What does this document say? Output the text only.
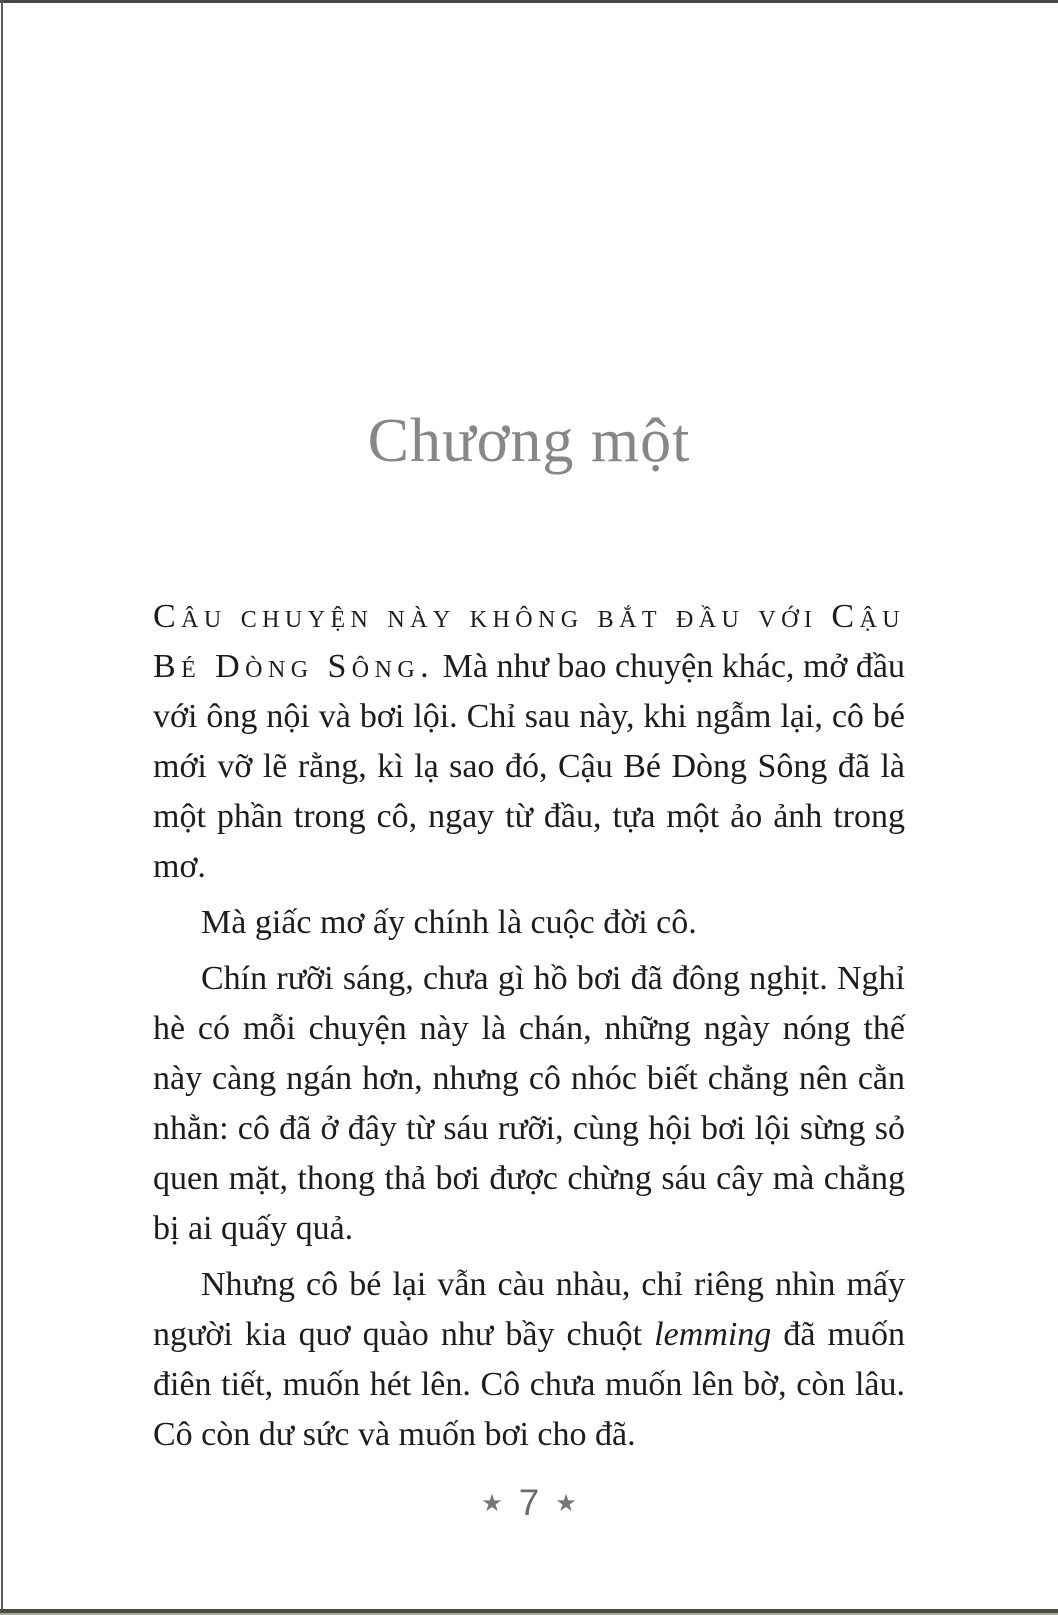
Chương một

Câu chuyện này không bắt đầu với Cậu Bé Dòng Sông. Mà như bao chuyện khác, mở đầu với ông nội và bơi lội. Chỉ sau này, khi ngẫm lại, cô bé mới vỡ lẽ rằng, kì lạ sao đó, Cậu Bé Dòng Sông đã là một phần trong cô, ngay từ đầu, tựa một ảo ảnh trong mơ.

Mà giấc mơ ấy chính là cuộc đời cô.

Chín rưỡi sáng, chưa gì hồ bơi đã đông nghịt. Nghỉ hè có mỗi chuyện này là chán, những ngày nóng thế này càng ngán hơn, nhưng cô nhóc biết chẳng nên cằn nhằn: cô đã ở đây từ sáu rưỡi, cùng hội bơi lội sừng sỏ quen mặt, thong thả bơi được chừng sáu cây mà chẳng bị ai quấy quả.

Nhưng cô bé lại vẫn càu nhàu, chỉ riêng nhìn mấy người kia quơ quào như bầy chuột lemming đã muốn điên tiết, muốn hét lên. Cô chưa muốn lên bờ, còn lâu. Cô còn dư sức và muốn bơi cho đã.

★ 7 ★
